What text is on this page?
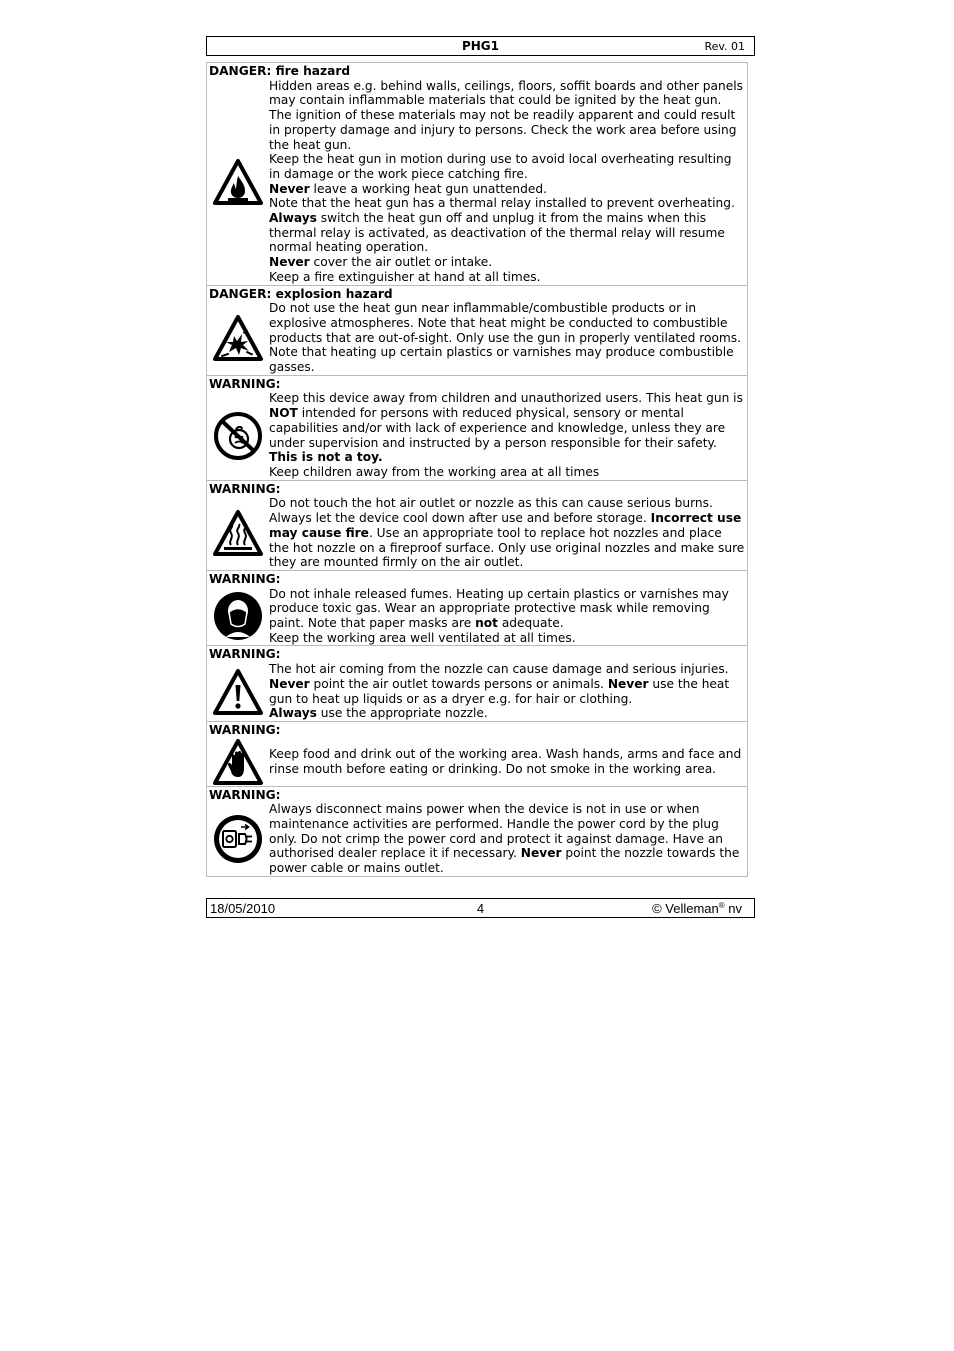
PHG1	Rev. 01
DANGER: fire hazard

Hidden areas e.g. behind walls, ceilings, floors, soffit boards and other panels may contain inflammable materials that could be ignited by the heat gun. The ignition of these materials may not be readily apparent and could result in property damage and injury to persons. Check the work area before using the heat gun.

Keep the heat gun in motion during use to avoid local overheating resulting in damage or the work piece catching fire.

Never leave a working heat gun unattended.

Note that the heat gun has a thermal relay installed to prevent overheating.

Always switch the heat gun off and unplug it from the mains when this thermal relay is activated, as deactivation of the thermal relay will resume normal heating operation.

Never cover the air outlet or intake.

Keep a fire extinguisher at hand at all times.

DANGER: explosion hazard

Do not use the heat gun near inflammable/combustible products or in explosive atmospheres. Note that heat might be conducted to combustible products that are out-of-sight. Only use the gun in properly ventilated rooms. Note that heating up certain plastics or varnishes may produce combustible gasses.

WARNING:

Keep this device away from children and unauthorized users. This heat gun is NOT intended for persons with reduced physical, sensory or mental capabilities and/or with lack of experience and knowledge, unless they are under supervision and instructed by a person responsible for their safety.

This is not a toy.

Keep children away from the working area at all times

WARNING:

Do not touch the hot air outlet or nozzle as this can cause serious burns. Always let the device cool down after use and before storage. Incorrect use may cause fire. Use an appropriate tool to replace hot nozzles and place the hot nozzle on a fireproof surface. Only use original nozzles and make sure they are mounted firmly on the air outlet.

WARNING:

Do not inhale released fumes. Heating up certain plastics or varnishes may produce toxic gas. Wear an appropriate protective mask while removing paint. Note that paper masks are not adequate.

Keep the working area well ventilated at all times.

WARNING:

The hot air coming from the nozzle can cause damage and serious injuries.

Never point the air outlet towards persons or animals. Never use the heat gun to heat up liquids or as a dryer e.g. for hair or clothing.

Always use the appropriate nozzle.

WARNING:

Keep food and drink out of the working area. Wash hands, arms and face and rinse mouth before eating or drinking. Do not smoke in the working area.

WARNING:

Always disconnect mains power when the device is not in use or when maintenance activities are performed. Handle the power cord by the plug only. Do not crimp the power cord and protect it against damage. Have an authorised dealer replace it if necessary. Never point the nozzle towards the power cable or mains outlet.

18/05/2010	4	© Velleman® nv
